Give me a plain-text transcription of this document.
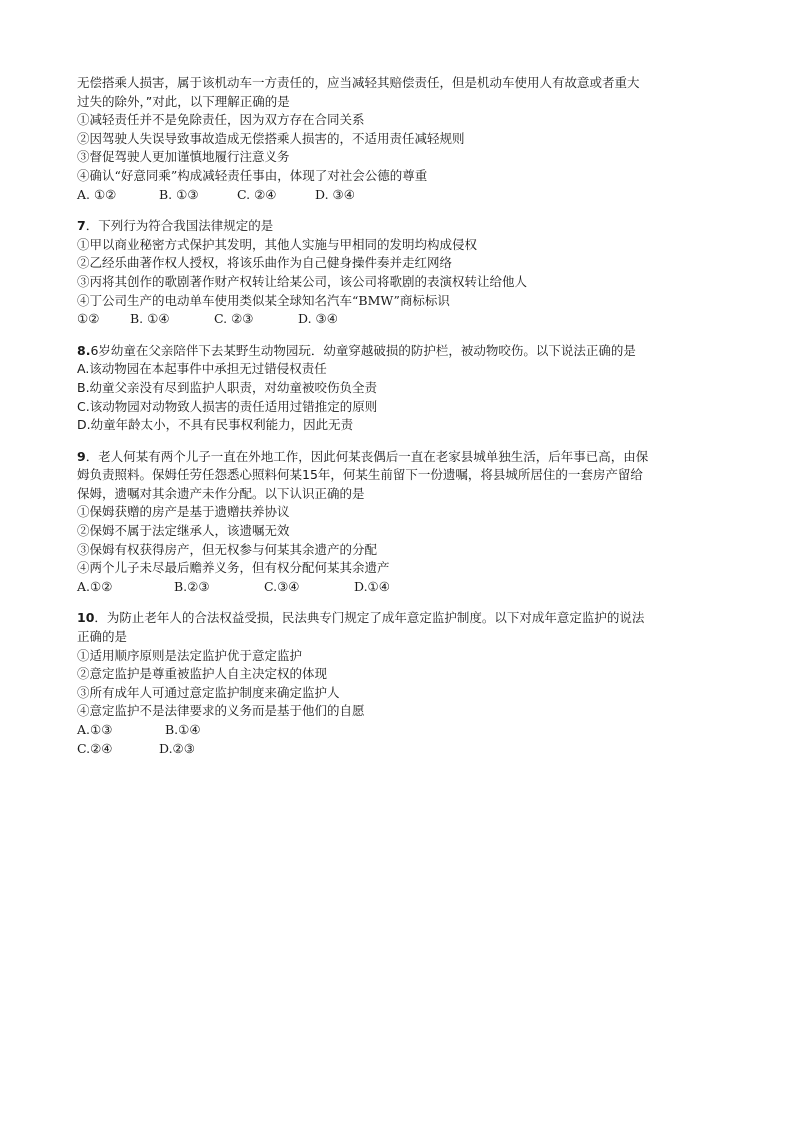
无偿搭乘人损害，属于该机动车一方责任的，应当减轻其赔偿责任，但是机动车使用人有故意或者重大
过失的除外，”对此，以下理解正确的是
①减轻责任并不是免除责任，因为双方存在合同关系
②因驾驶人失误导致事故造成无偿搭乘人损害的，不适用责任减轻规则
③督促驾驶人更加谨慎地履行注意义务
④确认“好意同乘”构成减轻责任事由，体现了对社会公德的尊重
A. ①②	B. ①③	C. ②④	D. ③④
7．下列行为符合我国法律规定的是
①甲以商业秘密方式保护其发明，其他人实施与甲相同的发明均构成侵权
②乙经乐曲著作权人授权，将该乐曲作为自己健身操件奏并走红网络
③丙将其创作的歌剧著作财产权转让给某公司，该公司将歌剧的表演权转让给他人
④丁公司生产的电动单车使用类似某全球知名汽车“BMW”商标标识
①②	B. ①④	C. ②③	D. ③④
8.6岁幼童在父亲陪伴下去某野生动物园玩．幼童穿越破损的防护栏，被动物咬伤。以下说法正确的是
A.该动物园在本起事件中承担无过错侵权责任
B.幼童父亲没有尽到监护人职责，对幼童被咬伤负全责
C.该动物园对动物致人损害的责任适用过错推定的原则
D.幼童年龄太小，不具有民事权利能力，因此无责
9．老人何某有两个儿子一直在外地工作，因此何某丧偶后一直在老家县城单独生活，后年事已高，由保
姆负责照料。保姆任劳任怨悉心照料何某15年，何某生前留下一份遗嘱，将县城所居住的一套房产留给
保姆，遗嘱对其余遗产未作分配。以下认识正确的是
①保姆获赠的房产是基于遗赠扶养协议
②保姆不属于法定继承人，该遗嘱无效
③保姆有权获得房产，但无权参与何某其余遗产的分配
④两个儿子未尽最后赡养义务，但有权分配何某其余遗产
A.①②	B.②③	C.③④	D.①④
10．为防止老年人的合法权益受损，民法典专门规定了成年意定监护制度。以下对成年意定监护的说法
正确的是
①适用顺序原则是法定监护优于意定监护
②意定监护是尊重被监护人自主决定权的体现
③所有成年人可通过意定监护制度来确定监护人
④意定监护不是法律要求的义务而是基于他们的自愿
A.①③	B.①④
C.②④	D.②③
